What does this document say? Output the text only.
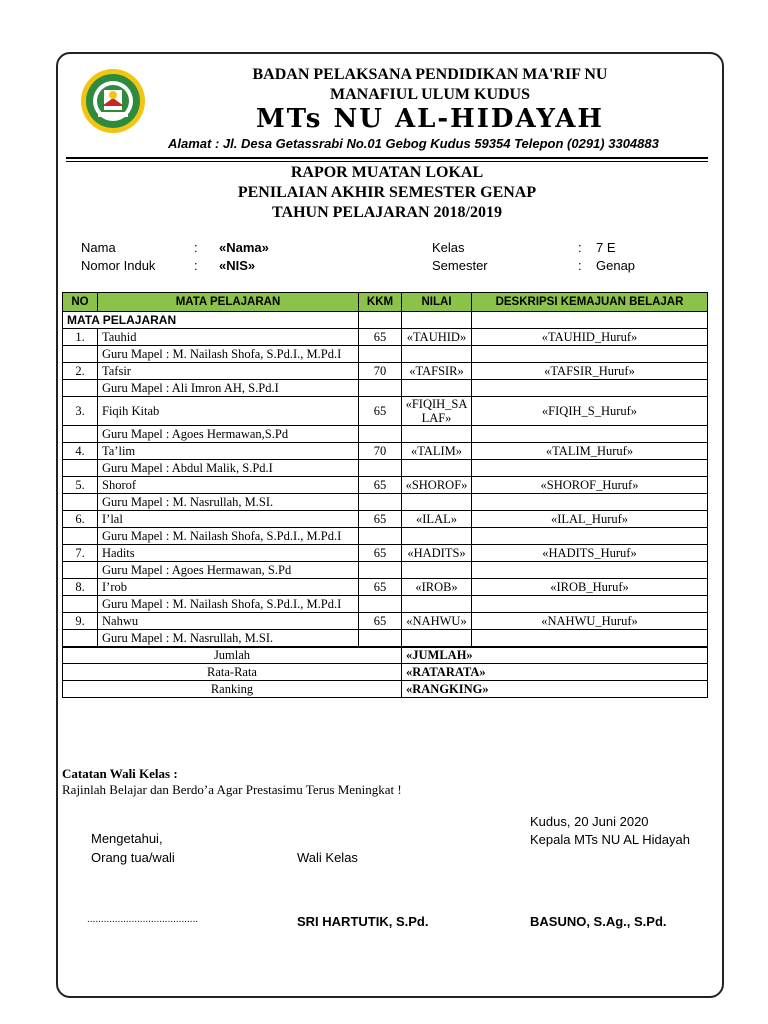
BADAN PELAKSANA PENDIDIKAN MA'RIF NU
MANAFIUL ULUM KUDUS
MTs NU AL-HIDAYAH
Alamat : Jl. Desa Getassrabi No.01 Gebog Kudus 59354 Telepon (0291) 3304883
RAPOR MUATAN LOKAL
PENILAIAN AKHIR SEMESTER GENAP
TAHUN PELAJARAN 2018/2019
Nama	: «Nama»
Nomor Induk	: «NIS»
Kelas	: 7 E
Semester	: Genap
NO	MATA PELAJARAN	KKM	NILAI	DESKRIPSI KEMAJUAN BELAJAR
MATA PELAJARAN				
1.	Tauhid	65	«TAUHID»	«TAUHID_Huruf»
	Guru Mapel : M. Nailash Shofa, S.Pd.I., M.Pd.I			
2.	Tafsir	70	«TAFSIR»	«TAFSIR_Huruf»
	Guru Mapel : Ali Imron AH, S.Pd.I			
3.	Fiqih Kitab	65	«FIQIH_SALAF»	«FIQIH_S_Huruf»
	Guru Mapel : Agoes Hermawan,S.Pd			
4.	Ta’lim	70	«TALIM»	«TALIM_Huruf»
	Guru Mapel : Abdul Malik, S.Pd.I			
5.	Shorof	65	«SHOROF»	«SHOROF_Huruf»
	Guru Mapel : M. Nasrullah, M.SI.			
6.	I’lal	65	«ILAL»	«ILAL_Huruf»
	Guru Mapel : M. Nailash Shofa, S.Pd.I., M.Pd.I			
7.	Hadits	65	«HADITS»	«HADITS_Huruf»
	Guru Mapel : Agoes Hermawan, S.Pd			
8.	I’rob	65	«IROB»	«IROB_Huruf»
	Guru Mapel : M. Nailash Shofa, S.Pd.I., M.Pd.I			
9.	Nahwu	65	«NAHWU»	«NAHWU_Huruf»
	Guru Mapel : M. Nasrullah, M.SI.			
Jumlah			«JUMLAH»	
Rata-Rata			«RATARATA»	
Ranking			«RANGKING»	
Catatan Wali Kelas :
Rajinlah Belajar dan Berdo’a Agar Prestasimu Terus Meningkat !
Kudus, 20 Juni 2020
Kepala MTs NU AL Hidayah
Mengetahui,
Orang tua/wali	Wali Kelas
........................................	SRI HARTUTIK, S.Pd.	BASUNO, S.Ag., S.Pd.
